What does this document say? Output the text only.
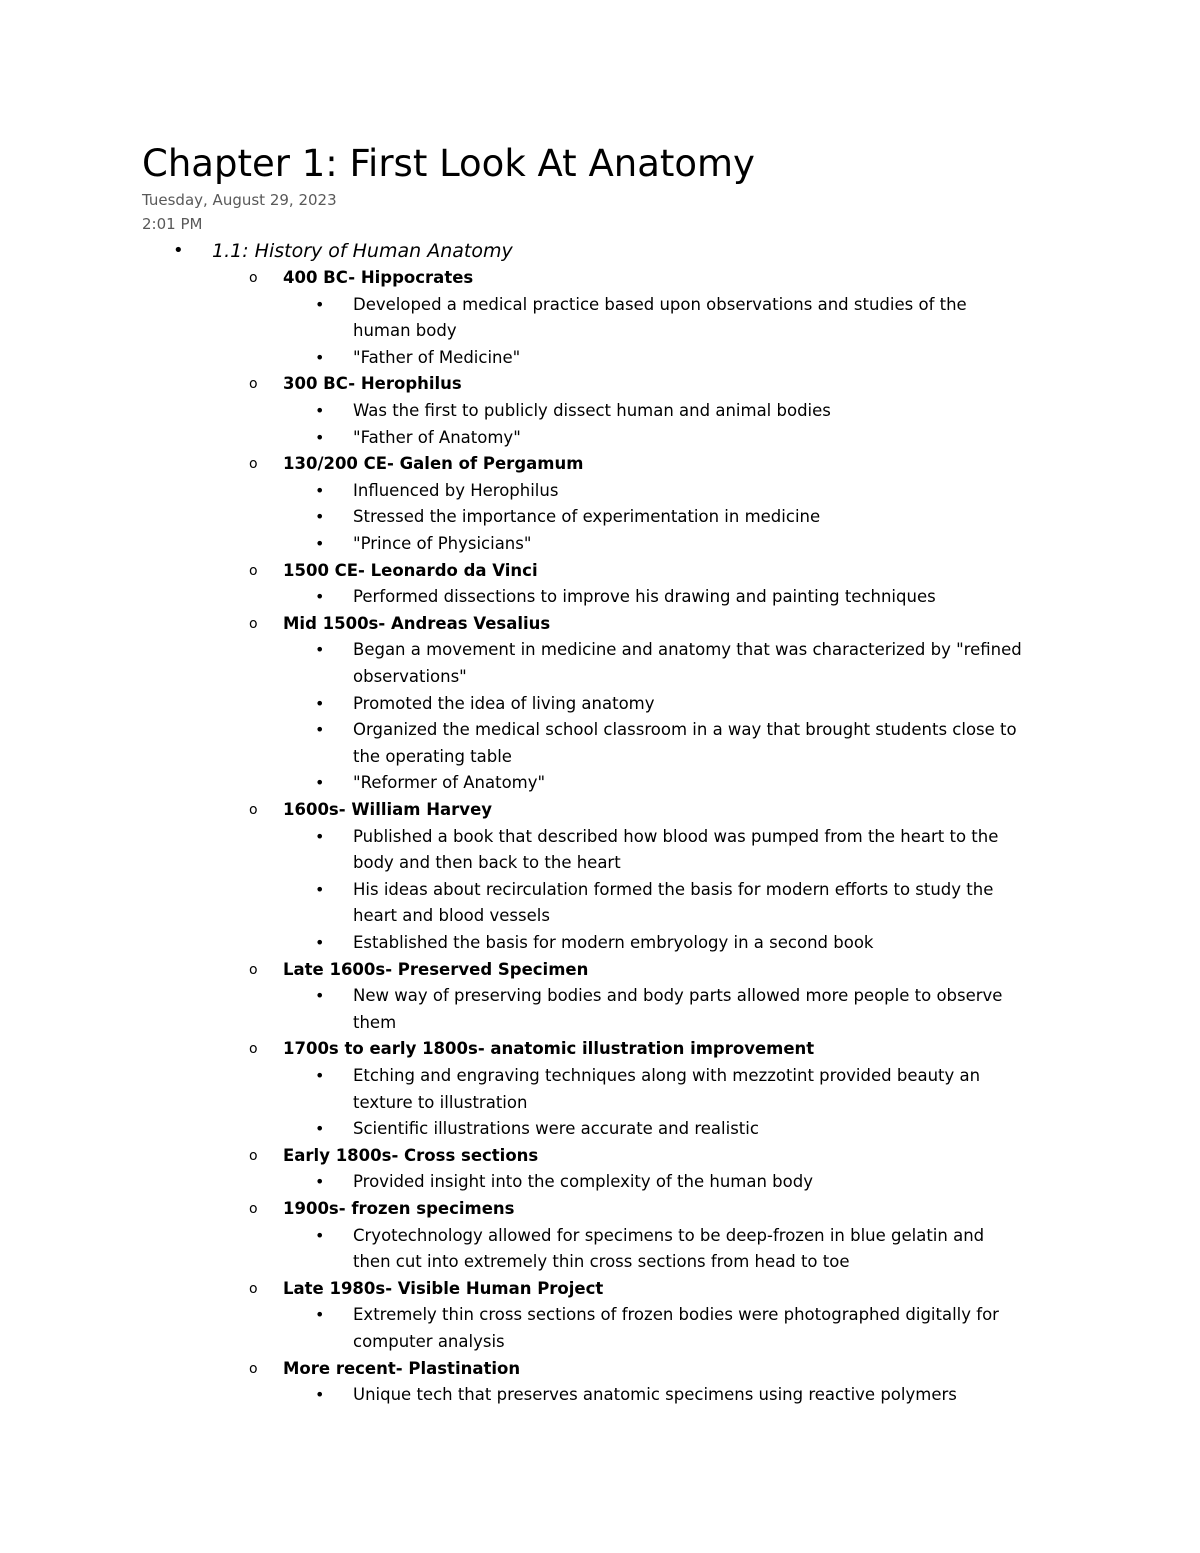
Chapter 1: First Look At Anatomy
Tuesday, August 29, 2023
2:01 PM
• 1.1: History of Human Anatomy
o 400 BC- Hippocrates
• Developed a medical practice based upon observations and studies of the
human body
• "Father of Medicine"
o 300 BC- Herophilus
• Was the first to publicly dissect human and animal bodies
• "Father of Anatomy"
o 130/200 CE- Galen of Pergamum
• Influenced by Herophilus
• Stressed the importance of experimentation in medicine
• "Prince of Physicians"
o 1500 CE- Leonardo da Vinci
• Performed dissections to improve his drawing and painting techniques
o Mid 1500s- Andreas Vesalius
• Began a movement in medicine and anatomy that was characterized by "refined
observations"
• Promoted the idea of living anatomy
• Organized the medical school classroom in a way that brought students close to
the operating table
• "Reformer of Anatomy"
o 1600s- William Harvey
• Published a book that described how blood was pumped from the heart to the
body and then back to the heart
• His ideas about recirculation formed the basis for modern efforts to study the
heart and blood vessels
• Established the basis for modern embryology in a second book
o Late 1600s- Preserved Specimen
• New way of preserving bodies and body parts allowed more people to observe
them
o 1700s to early 1800s- anatomic illustration improvement
• Etching and engraving techniques along with mezzotint provided beauty an
texture to illustration
• Scientific illustrations were accurate and realistic
o Early 1800s- Cross sections
• Provided insight into the complexity of the human body
o 1900s- frozen specimens
• Cryotechnology allowed for specimens to be deep-frozen in blue gelatin and
then cut into extremely thin cross sections from head to toe
o Late 1980s- Visible Human Project
• Extremely thin cross sections of frozen bodies were photographed digitally for
computer analysis
o More recent- Plastination
• Unique tech that preserves anatomic specimens using reactive polymers
